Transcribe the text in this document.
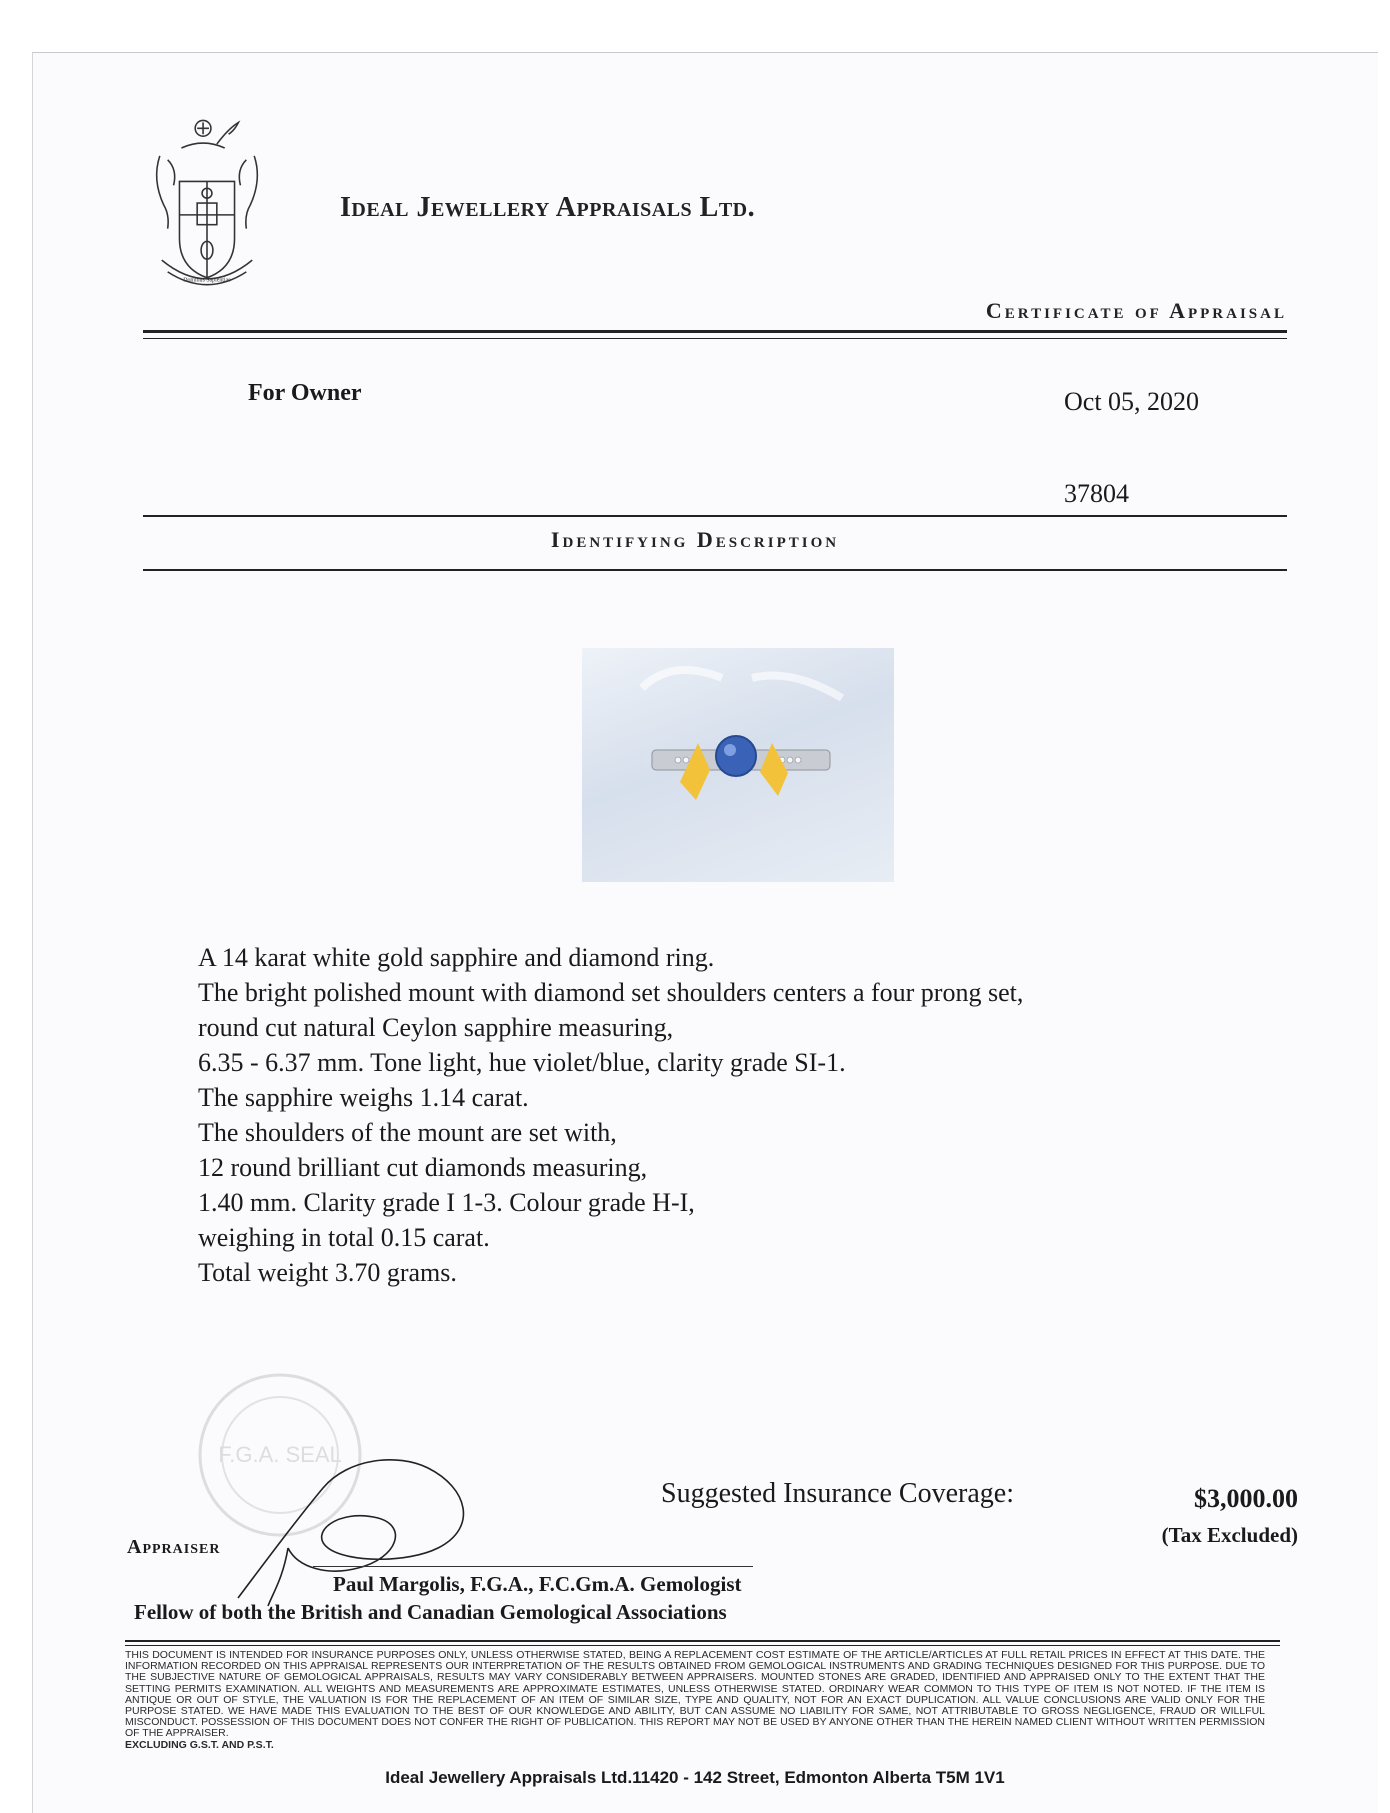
Dominus Sapientiae
Ideal Jewellery Appraisals Ltd.
Certificate of Appraisal
For Owner	Oct 05, 2020
37804
Identifying Description

A 14 karat white gold sapphire and diamond ring.

The bright polished mount with diamond set shoulders centers a four prong set,

round cut natural Ceylon sapphire measuring,

6.35 - 6.37 mm. Tone light, hue violet/blue, clarity grade SI-1.

The sapphire weighs 1.14 carat.

The shoulders of the mount are set with,

12 round brilliant cut diamonds measuring,

1.40 mm. Clarity grade I 1-3. Colour grade H-I,

weighing in total 0.15 carat.

Total weight 3.70 grams.

F.G.A. SEAL
Suggested Insurance Coverage:	$3,000.00
(Tax Excluded)
Appraiser
Paul Margolis, F.G.A., F.C.Gm.A. Gemologist
Fellow of both the British and Canadian Gemological Associations
THIS DOCUMENT IS INTENDED FOR INSURANCE PURPOSES ONLY, UNLESS OTHERWISE STATED, BEING A REPLACEMENT COST ESTIMATE OF THE ARTICLE/ARTICLES AT FULL RETAIL PRICES IN EFFECT AT THIS DATE. THE INFORMATION RECORDED ON THIS APPRAISAL REPRESENTS OUR INTERPRETATION OF THE RESULTS OBTAINED FROM GEMOLOGICAL INSTRUMENTS AND GRADING TECHNIQUES DESIGNED FOR THIS PURPOSE. DUE TO THE SUBJECTIVE NATURE OF GEMOLOGICAL APPRAISALS, RESULTS MAY VARY CONSIDERABLY BETWEEN APPRAISERS. MOUNTED STONES ARE GRADED, IDENTIFIED AND APPRAISED ONLY TO THE EXTENT THAT THE SETTING PERMITS EXAMINATION. ALL WEIGHTS AND MEASUREMENTS ARE APPROXIMATE ESTIMATES, UNLESS OTHERWISE STATED. ORDINARY WEAR COMMON TO THIS TYPE OF ITEM IS NOT NOTED. IF THE ITEM IS ANTIQUE OR OUT OF STYLE, THE VALUATION IS FOR THE REPLACEMENT OF AN ITEM OF SIMILAR SIZE, TYPE AND QUALITY, NOT FOR AN EXACT DUPLICATION. ALL VALUE CONCLUSIONS ARE VALID ONLY FOR THE PURPOSE STATED. WE HAVE MADE THIS EVALUATION TO THE BEST OF OUR KNOWLEDGE AND ABILITY, BUT CAN ASSUME NO LIABILITY FOR SAME, NOT ATTRIBUTABLE TO GROSS NEGLIGENCE, FRAUD OR WILLFUL MISCONDUCT. POSSESSION OF THIS DOCUMENT DOES NOT CONFER THE RIGHT OF PUBLICATION. THIS REPORT MAY NOT BE USED BY ANYONE OTHER THAN THE HEREIN NAMED CLIENT WITHOUT WRITTEN PERMISSION OF THE APPRAISER.
EXCLUDING G.S.T. AND P.S.T.
Ideal Jewellery Appraisals Ltd.11420 - 142 Street, Edmonton Alberta T5M 1V1
